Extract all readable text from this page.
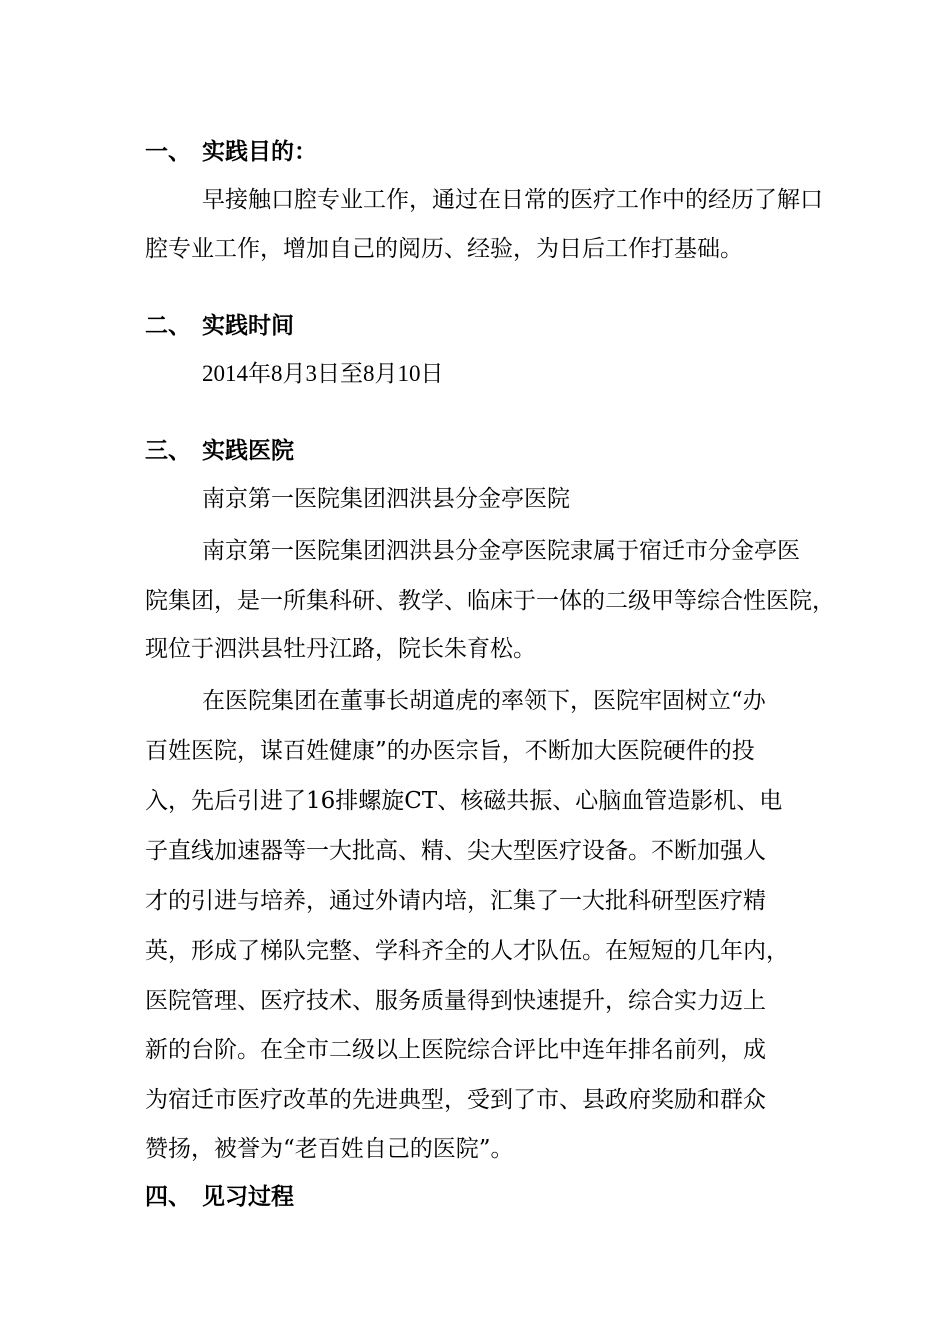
一、 实践目的：
早接触口腔专业工作，通过在日常的医疗工作中的经历了解口
腔专业工作，增加自己的阅历、经验，为日后工作打基础。
二、 实践时间
2014年8月3日至8月10日
三、 实践医院
南京第一医院集团泗洪县分金亭医院
南京第一医院集团泗洪县分金亭医院隶属于宿迁市分金亭医
院集团，是一所集科研、教学、临床于一体的二级甲等综合性医院，
现位于泗洪县牡丹江路，院长朱育松。
在医院集团在董事长胡道虎的率领下，医院牢固树立“办
百姓医院，谋百姓健康”的办医宗旨，不断加大医院硬件的投
入，先后引进了16排螺旋CT、核磁共振、心脑血管造影机、电
子直线加速器等一大批高、精、尖大型医疗设备。不断加强人
才的引进与培养，通过外请内培，汇集了一大批科研型医疗精
英，形成了梯队完整、学科齐全的人才队伍。在短短的几年内，
医院管理、医疗技术、服务质量得到快速提升，综合实力迈上
新的台阶。在全市二级以上医院综合评比中连年排名前列，成
为宿迁市医疗改革的先进典型，受到了市、县政府奖励和群众
赞扬，被誉为“老百姓自己的医院”。
四、 见习过程
